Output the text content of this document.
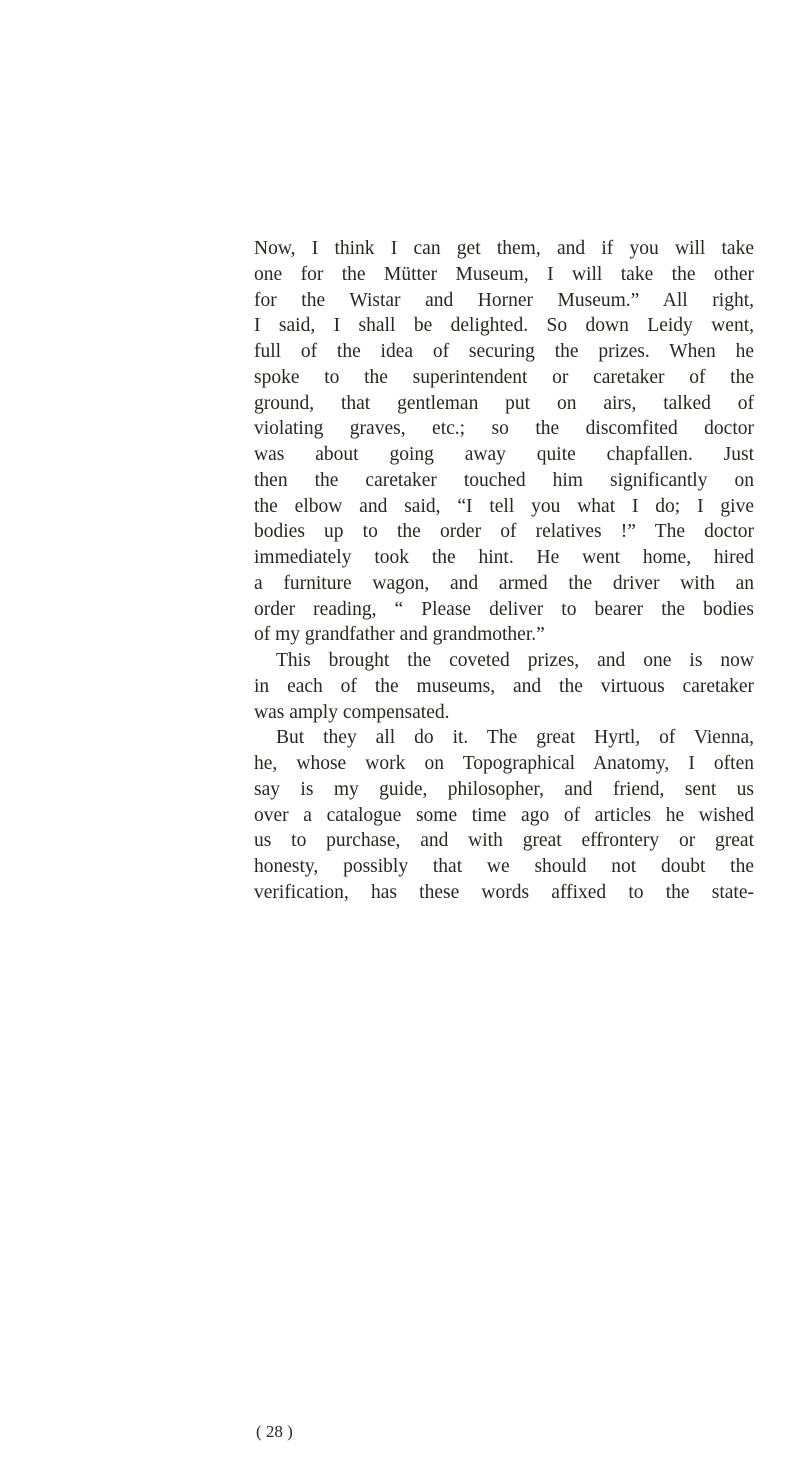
Now, I think I can get them, and if you will take
one for the Mütter Museum, I will take the other
for the Wistar and Horner Museum.” All right,
I said, I shall be delighted. So down Leidy went,
full of the idea of securing the prizes. When he
spoke to the superintendent or caretaker of the
ground, that gentleman put on airs, talked of
violating graves, etc.; so the discomfited doctor
was about going away quite chapfallen. Just
then the caretaker touched him significantly on
the elbow and said, “I tell you what I do; I give
bodies up to the order of relatives !” The doctor
immediately took the hint. He went home, hired
a furniture wagon, and armed the driver with an
order reading, “ Please deliver to bearer the bodies
of my grandfather and grandmother.”
This brought the coveted prizes, and one is now
in each of the museums, and the virtuous caretaker
was amply compensated.
But they all do it. The great Hyrtl, of Vienna,
he, whose work on Topographical Anatomy, I often
say is my guide, philosopher, and friend, sent us
over a catalogue some time ago of articles he wished
us to purchase, and with great effrontery or great
honesty, possibly that we should not doubt the
verification, has these words affixed to the state-
( 28 )
